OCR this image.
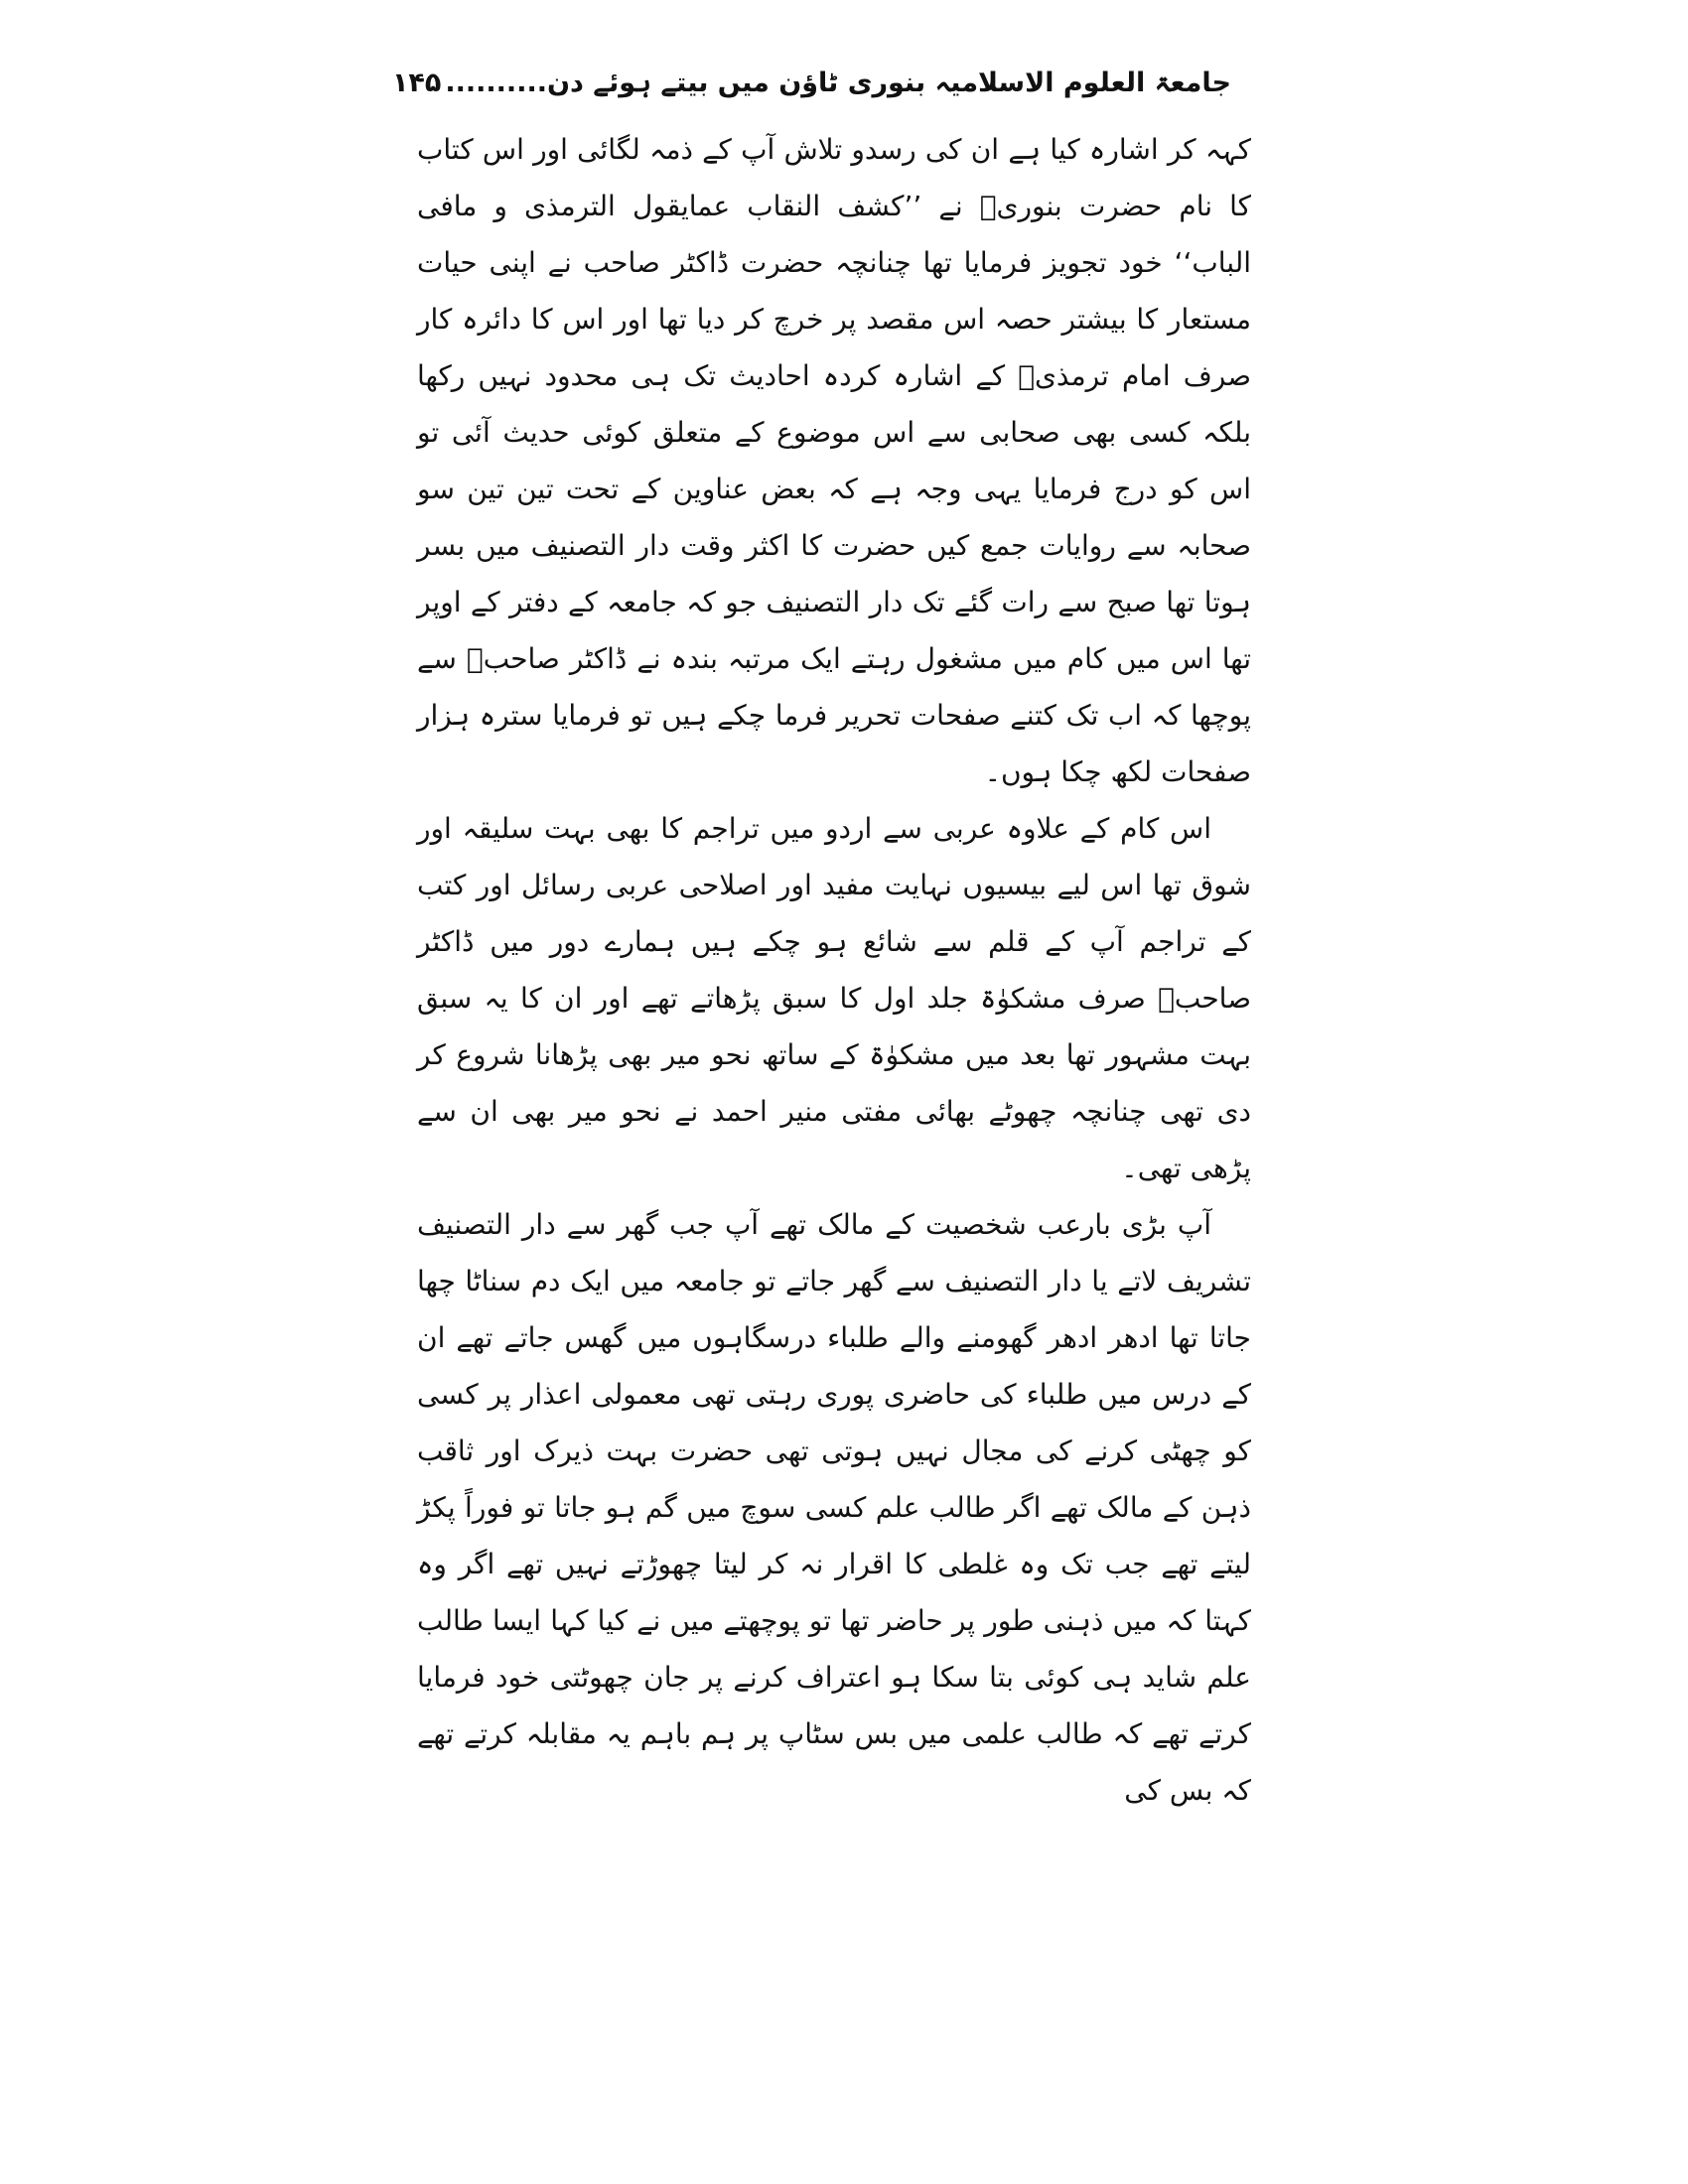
جامعۃ العلوم الاسلامیہ بنوری ٹاؤن میں بیتے ہوئے دن..........۱۴۵

کہہ کر اشارہ کیا ہے ان کی رسدو تلاش آپ کے ذمہ لگائی اور اس کتاب کا نام حضرت بنوریؒ نے ’’کشف النقاب عمایقول الترمذی و مافی الباب‘‘ خود تجویز فرمایا تھا چنانچہ حضرت ڈاکٹر صاحب نے اپنی حیات مستعار کا بیشتر حصہ اس مقصد پر خرچ کر دیا تھا اور اس کا دائرہ کار صرف امام ترمذیؒ کے اشارہ کردہ احادیث تک ہی محدود نہیں رکھا بلکہ کسی بھی صحابی سے اس موضوع کے متعلق کوئی حدیث آئی تو اس کو درج فرمایا یہی وجہ ہے کہ بعض عناوین کے تحت تین تین سو صحابہ سے روایات جمع کیں حضرت کا اکثر وقت دار التصنیف میں بسر ہوتا تھا صبح سے رات گئے تک دار التصنیف جو کہ جامعہ کے دفتر کے اوپر تھا اس میں کام میں مشغول رہتے ایک مرتبہ بندہ نے ڈاکٹر صاحبؒ سے پوچھا کہ اب تک کتنے صفحات تحریر فرما چکے ہیں تو فرمایا سترہ ہزار صفحات لکھ چکا ہوں۔

اس کام کے علاوہ عربی سے اردو میں تراجم کا بھی بہت سلیقہ اور شوق تھا اس لیے بیسیوں نہایت مفید اور اصلاحی عربی رسائل اور کتب کے تراجم آپ کے قلم سے شائع ہو چکے ہیں ہمارے دور میں ڈاکٹر صاحبؒ صرف مشکوٰۃ جلد اول کا سبق پڑھاتے تھے اور ان کا یہ سبق بہت مشہور تھا بعد میں مشکوٰۃ کے ساتھ نحو میر بھی پڑھانا شروع کر دی تھی چنانچہ چھوٹے بھائی مفتی منیر احمد نے نحو میر بھی ان سے پڑھی تھی۔

آپ بڑی بارعب شخصیت کے مالک تھے آپ جب گھر سے دار التصنیف تشریف لاتے یا دار التصنیف سے گھر جاتے تو جامعہ میں ایک دم سناٹا چھا جاتا تھا ادھر ادھر گھومنے والے طلباء درسگاہوں میں گھس جاتے تھے ان کے درس میں طلباء کی حاضری پوری رہتی تھی معمولی اعذار پر کسی کو چھٹی کرنے کی مجال نہیں ہوتی تھی حضرت بہت ذیرک اور ثاقب ذہن کے مالک تھے اگر طالب علم کسی سوچ میں گم ہو جاتا تو فوراً پکڑ لیتے تھے جب تک وہ غلطی کا اقرار نہ کر لیتا چھوڑتے نہیں تھے اگر وہ کہتا کہ میں ذہنی طور پر حاضر تھا تو پوچھتے میں نے کیا کہا ایسا طالب علم شاید ہی کوئی بتا سکا ہو اعتراف کرنے پر جان چھوٹتی خود فرمایا کرتے تھے کہ طالب علمی میں بس سٹاپ پر ہم باہم یہ مقابلہ کرتے تھے کہ بس کی
